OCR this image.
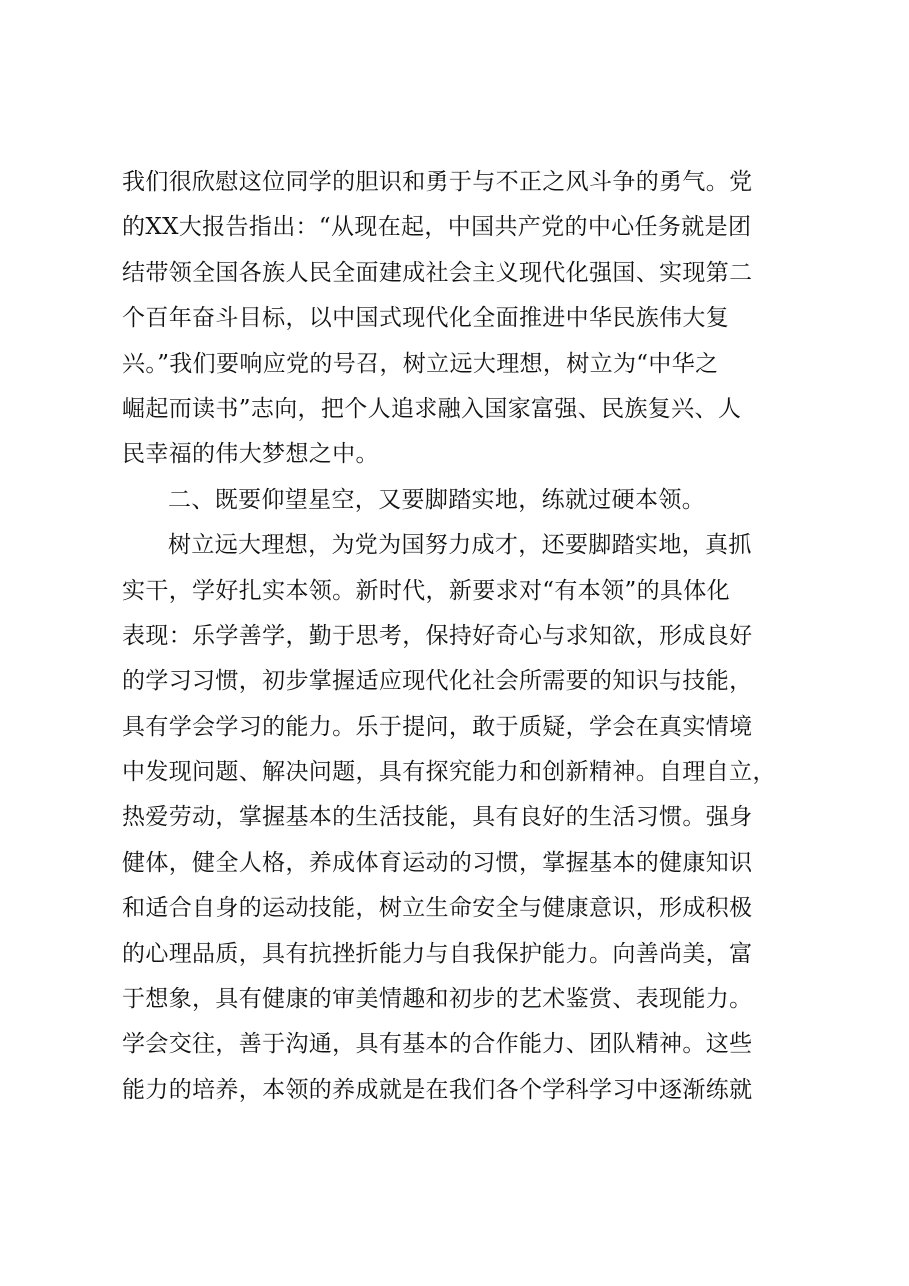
我们很欣慰这位同学的胆识和勇于与不正之风斗争的勇气。党
的XX大报告指出：“从现在起，中国共产党的中心任务就是团
结带领全国各族人民全面建成社会主义现代化强国、实现第二
个百年奋斗目标，以中国式现代化全面推进中华民族伟大复
兴。”我们要响应党的号召，树立远大理想，树立为“中华之
崛起而读书”志向，把个人追求融入国家富强、民族复兴、人
民幸福的伟大梦想之中。
二、既要仰望星空，又要脚踏实地，练就过硬本领。
树立远大理想，为党为国努力成才，还要脚踏实地，真抓
实干，学好扎实本领。新时代，新要求对“有本领”的具体化
表现：乐学善学，勤于思考，保持好奇心与求知欲，形成良好
的学习习惯，初步掌握适应现代化社会所需要的知识与技能，
具有学会学习的能力。乐于提问，敢于质疑，学会在真实情境
中发现问题、解决问题，具有探究能力和创新精神。自理自立，
热爱劳动，掌握基本的生活技能，具有良好的生活习惯。强身
健体，健全人格，养成体育运动的习惯，掌握基本的健康知识
和适合自身的运动技能，树立生命安全与健康意识，形成积极
的心理品质，具有抗挫折能力与自我保护能力。向善尚美，富
于想象，具有健康的审美情趣和初步的艺术鉴赏、表现能力。
学会交往，善于沟通，具有基本的合作能力、团队精神。这些
能力的培养，本领的养成就是在我们各个学科学习中逐渐练就
